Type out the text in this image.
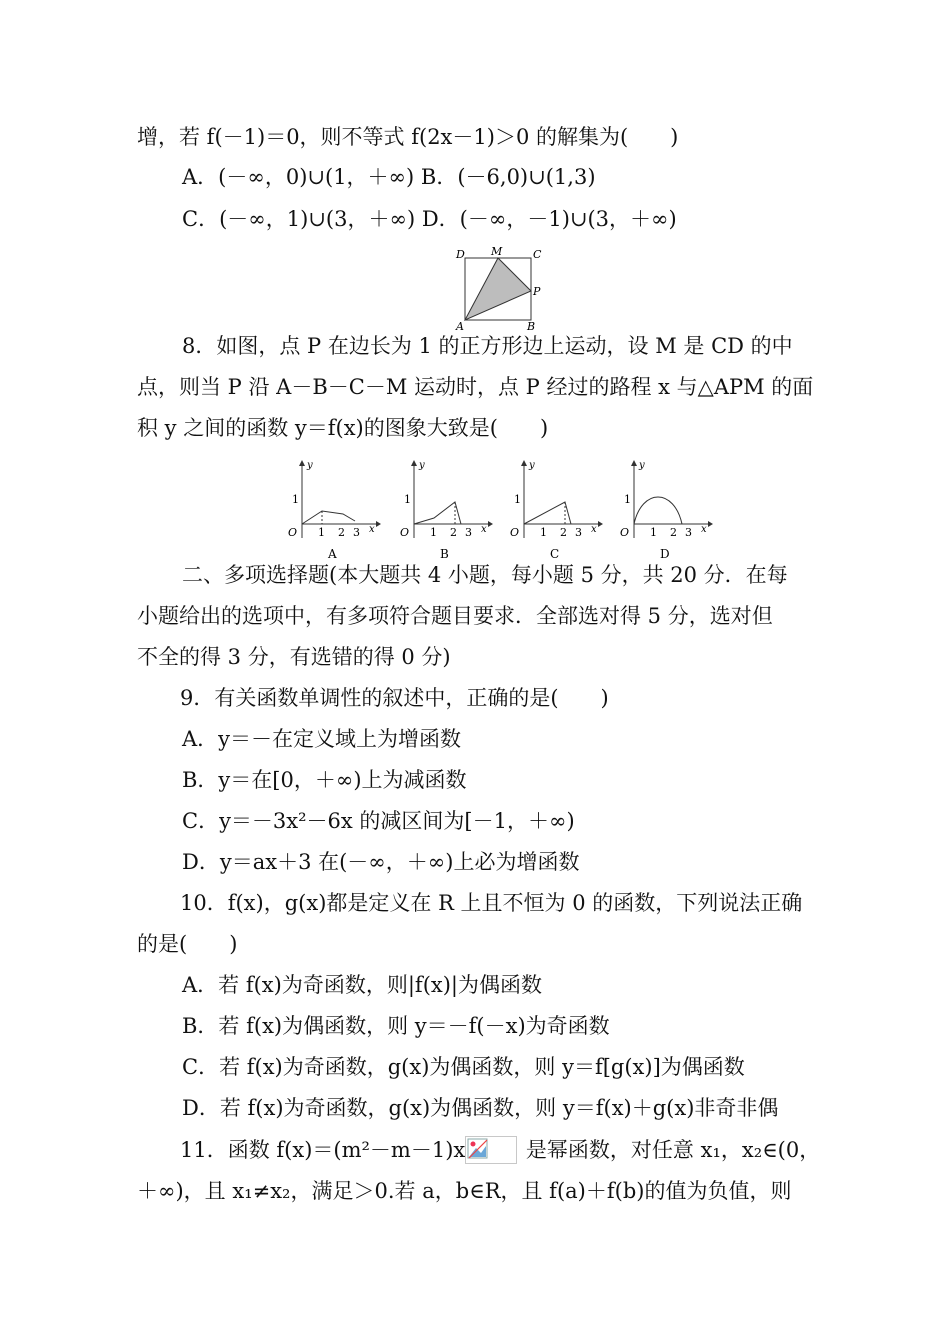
增，若 f(－1)＝0，则不等式 f(2x－1)＞0 的解集为(　　)
A．(－∞，0)∪(1，＋∞) B．(－6,0)∪(1,3)
C．(－∞，1)∪(3，＋∞) D．(－∞，－1)∪(3，＋∞)
D M	C
P
A	B
8．如图，点 P 在边长为 1 的正方形边上运动，设 M 是 CD 的中
点，则当 P 沿 A－B－C－M 运动时，点 P 经过的路程 x 与△APM 的面
积 y 之间的函数 y＝f(x)的图象大致是(　　)
y
1
O 1 2 3 x
A
y
1
O 1 2 3 x
B
y
1
O 1 2 3 x
C
y
1
O 1 2 3 x
D
二、多项选择题(本大题共 4 小题，每小题 5 分，共 20 分．在每
小题给出的选项中，有多项符合题目要求．全部选对得 5 分，选对但
不全的得 3 分，有选错的得 0 分)
9．有关函数单调性的叙述中，正确的是(　　)
A．y＝－在定义域上为增函数
B．y＝在[0，＋∞)上为减函数
C．y＝－3x²－6x 的减区间为[－1，＋∞)
D．y＝ax＋3 在(－∞，＋∞)上必为增函数
10．f(x)，g(x)都是定义在 R 上且不恒为 0 的函数，下列说法正确
的是(　　)
A．若 f(x)为奇函数，则|f(x)|为偶函数
B．若 f(x)为偶函数，则 y＝－f(－x)为奇函数
C．若 f(x)为奇函数，g(x)为偶函数，则 y＝f[g(x)]为偶函数
D．若 f(x)为奇函数，g(x)为偶函数，则 y＝f(x)＋g(x)非奇非偶
11．函数 f(x)＝(m²－m－1)x	是幂函数，对任意 x₁，x₂∈(0，
＋∞)，且 x₁≠x₂，满足＞0.若 a，b∈R，且 f(a)＋f(b)的值为负值，则
